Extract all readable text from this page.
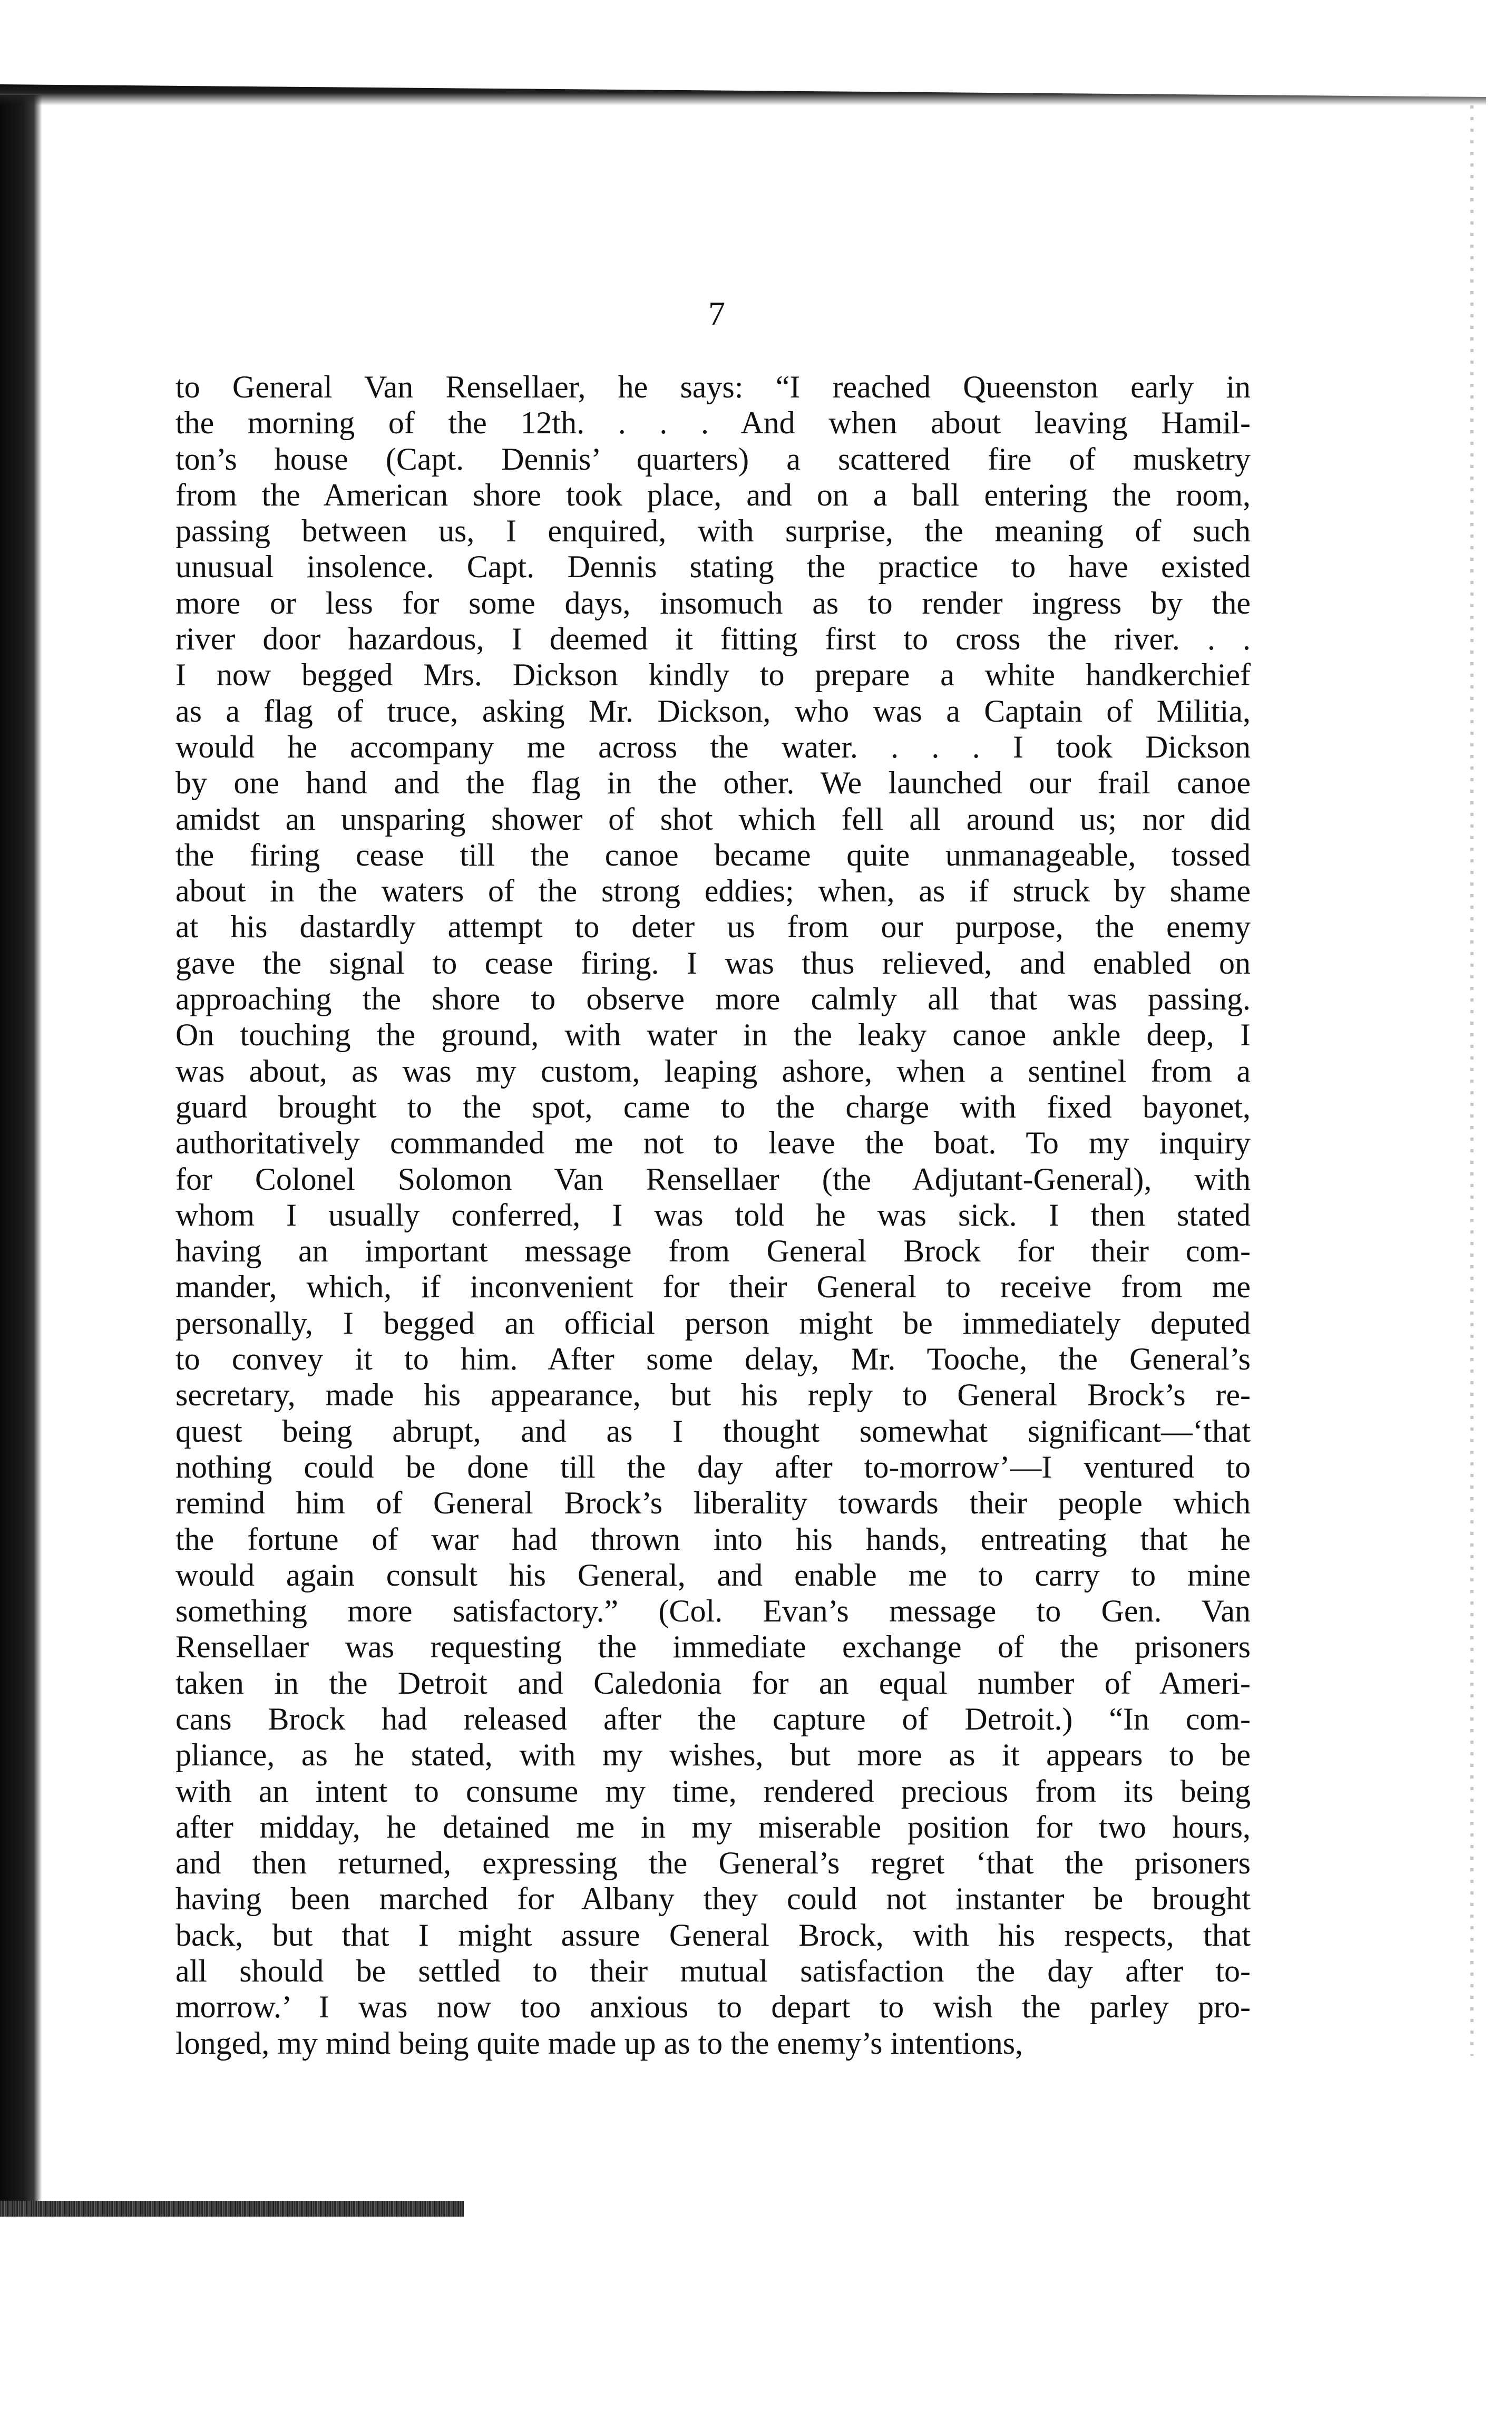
7
to General Van Rensellaer, he says: “I reached Queenston early in
the morning of the 12th. . . . And when about leaving Hamil-
ton’s house (Capt. Dennis’ quarters) a scattered fire of musketry
from the American shore took place, and on a ball entering the room,
passing between us, I enquired, with surprise, the meaning of such
unusual insolence. Capt. Dennis stating the practice to have existed
more or less for some days, insomuch as to render ingress by the
river door hazardous, I deemed it fitting first to cross the river. . .
I now begged Mrs. Dickson kindly to prepare a white handkerchief
as a flag of truce, asking Mr. Dickson, who was a Captain of Militia,
would he accompany me across the water. . . . I took Dickson
by one hand and the flag in the other. We launched our frail canoe
amidst an unsparing shower of shot which fell all around us; nor did
the firing cease till the canoe became quite unmanageable, tossed
about in the waters of the strong eddies; when, as if struck by shame
at his dastardly attempt to deter us from our purpose, the enemy
gave the signal to cease firing. I was thus relieved, and enabled on
approaching the shore to observe more calmly all that was passing.
On touching the ground, with water in the leaky canoe ankle deep, I
was about, as was my custom, leaping ashore, when a sentinel from a
guard brought to the spot, came to the charge with fixed bayonet,
authoritatively commanded me not to leave the boat. To my inquiry
for Colonel Solomon Van Rensellaer (the Adjutant-General), with
whom I usually conferred, I was told he was sick. I then stated
having an important message from General Brock for their com-
mander, which, if inconvenient for their General to receive from me
personally, I begged an official person might be immediately deputed
to convey it to him. After some delay, Mr. Tooche, the General’s
secretary, made his appearance, but his reply to General Brock’s re-
quest being abrupt, and as I thought somewhat significant—‘that
nothing could be done till the day after to-morrow’—I ventured to
remind him of General Brock’s liberality towards their people which
the fortune of war had thrown into his hands, entreating that he
would again consult his General, and enable me to carry to mine
something more satisfactory.” (Col. Evan’s message to Gen. Van
Rensellaer was requesting the immediate exchange of the prisoners
taken in the Detroit and Caledonia for an equal number of Ameri-
cans Brock had released after the capture of Detroit.) “In com-
pliance, as he stated, with my wishes, but more as it appears to be
with an intent to consume my time, rendered precious from its being
after midday, he detained me in my miserable position for two hours,
and then returned, expressing the General’s regret ‘that the prisoners
having been marched for Albany they could not instanter be brought
back, but that I might assure General Brock, with his respects, that
all should be settled to their mutual satisfaction the day after to-
morrow.’ I was now too anxious to depart to wish the parley pro-
longed, my mind being quite made up as to the enemy’s intentions,
